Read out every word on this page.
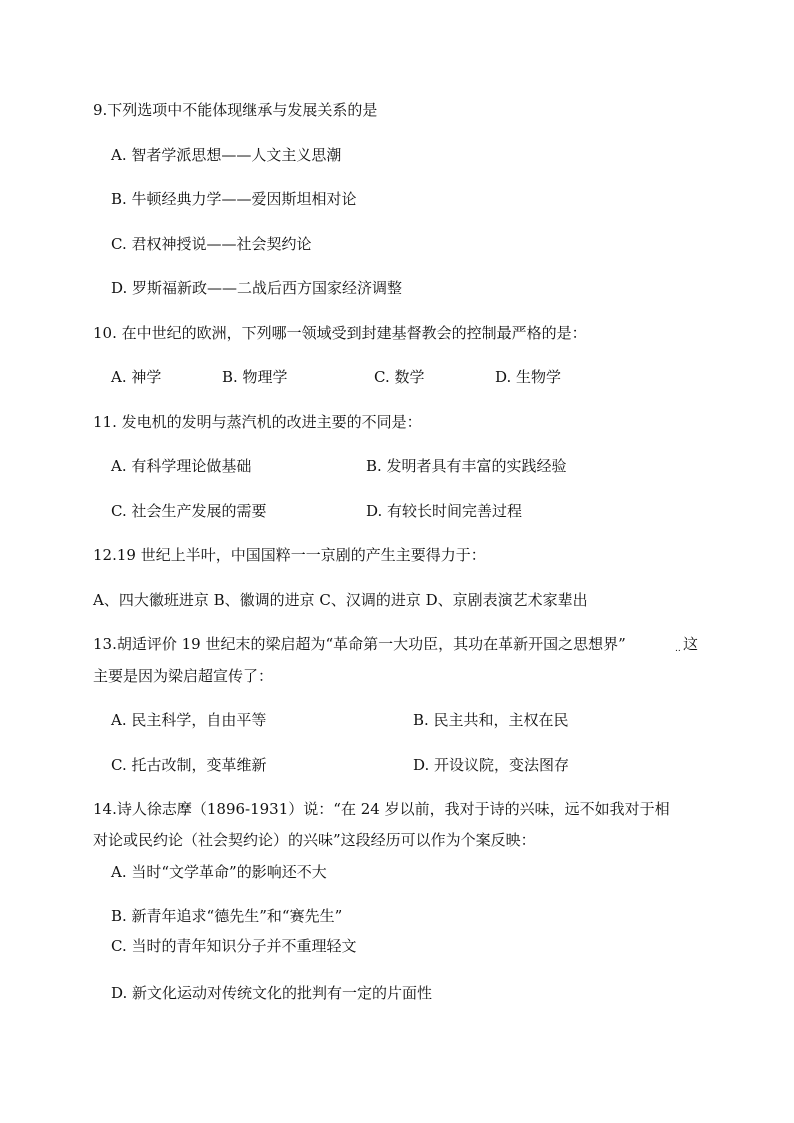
9.下列选项中不能体现继承与发展关系的是
A. 智者学派思想——人文主义思潮
B. 牛顿经典力学——爱因斯坦相对论
C. 君权神授说——社会契约论
D. 罗斯福新政——二战后西方国家经济调整
10. 在中世纪的欧洲，下列哪一领域受到封建基督教会的控制最严格的是：
A. 神学	B. 物理学	C. 数学	D. 生物学
11. 发电机的发明与蒸汽机的改进主要的不同是：
A. 有科学理论做基础	B. 发明者具有丰富的实践经验
C. 社会生产发展的需要	D. 有较长时间完善过程
12.19 世纪上半叶，中国国粹一一京剧的产生主要得力于：
A、四大徽班进京 B、徽调的进京 C、汉调的进京 D、京剧表演艺术家辈出
13.胡适评价 19 世纪末的梁启超为“革命第一大功臣，其功在革新开国之思想界”	.. 这
主要是因为梁启超宣传了：
A. 民主科学，自由平等	B. 民主共和，主权在民
C. 托古改制，变革维新	D. 开设议院，变法图存
14.诗人徐志摩（1896-1931）说：“在 24 岁以前，我对于诗的兴味，远不如我对于相
对论或民约论（社会契约论）的兴味”这段经历可以作为个案反映：
A. 当时“文学革命”的影响还不大
B. 新青年追求“德先生”和“赛先生”
C. 当时的青年知识分子并不重理轻文
D. 新文化运动对传统文化的批判有一定的片面性
